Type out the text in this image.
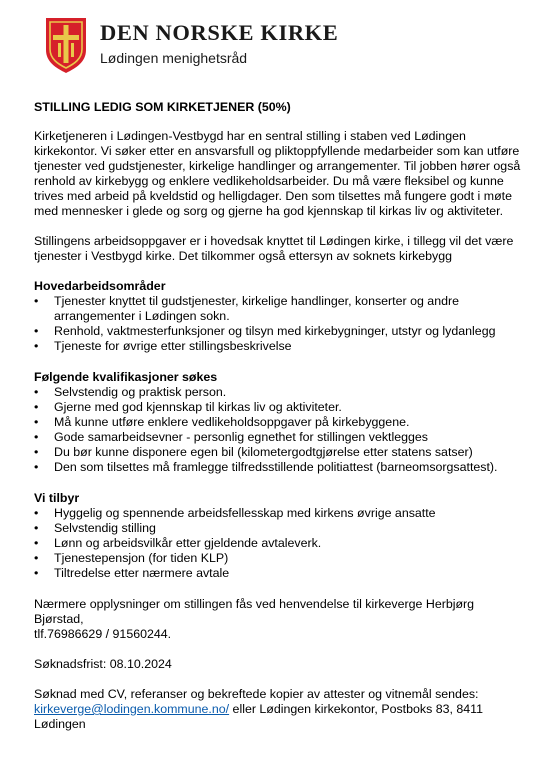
DEN NORSKE KIRKE
Lødingen menighetsråd
STILLING LEDIG SOM KIRKETJENER (50%)

Kirketjeneren i Lødingen-Vestbygd har en sentral stilling i staben ved Lødingen kirkekontor. Vi søker etter en ansvarsfull og pliktoppfyllende medarbeider som kan utføre tjenester ved gudstjenester, kirkelige handlinger og arrangementer. Til jobben hører også renhold av kirkebygg og enklere vedlikeholdsarbeider. Du må være fleksibel og kunne trives med arbeid på kveldstid og helligdager. Den som tilsettes må fungere godt i møte med mennesker i glede og sorg og gjerne ha god kjennskap til kirkas liv og aktiviteter.

Stillingens arbeidsoppgaver er i hovedsak knyttet til Lødingen kirke, i tillegg vil det være tjenester i Vestbygd kirke. Det tilkommer også ettersyn av soknets kirkebygg

Hovedarbeidsområder
• Tjenester knyttet til gudstjenester, kirkelige handlinger, konserter og andre arrangementer i Lødingen sokn.
• Renhold, vaktmesterfunksjoner og tilsyn med kirkebygninger, utstyr og lydanlegg
• Tjeneste for øvrige etter stillingsbeskrivelse
Følgende kvalifikasjoner søkes
• Selvstendig og praktisk person.
• Gjerne med god kjennskap til kirkas liv og aktiviteter.
• Må kunne utføre enklere vedlikeholdsoppgaver på kirkebyggene.
• Gode samarbeidsevner - personlig egnethet for stillingen vektlegges
• Du bør kunne disponere egen bil (kilometergodtgjørelse etter statens satser)
• Den som tilsettes må framlegge tilfredsstillende politiattest (barneomsorgsattest).
Vi tilbyr
• Hyggelig og spennende arbeidsfellesskap med kirkens øvrige ansatte
• Selvstendig stilling
• Lønn og arbeidsvilkår etter gjeldende avtaleverk.
• Tjenestepensjon (for tiden KLP)
• Tiltredelse etter nærmere avtale

Nærmere opplysninger om stillingen fås ved henvendelse til kirkeverge Herbjørg Bjørstad,

tlf.76986629 / 91560244.

Søknadsfrist: 08.10.2024

Søknad med CV, referanser og bekreftede kopier av attester og vitnemål sendes:

kirkeverge@lodingen.kommune.no/ eller Lødingen kirkekontor, Postboks 83, 8411 Lødingen
